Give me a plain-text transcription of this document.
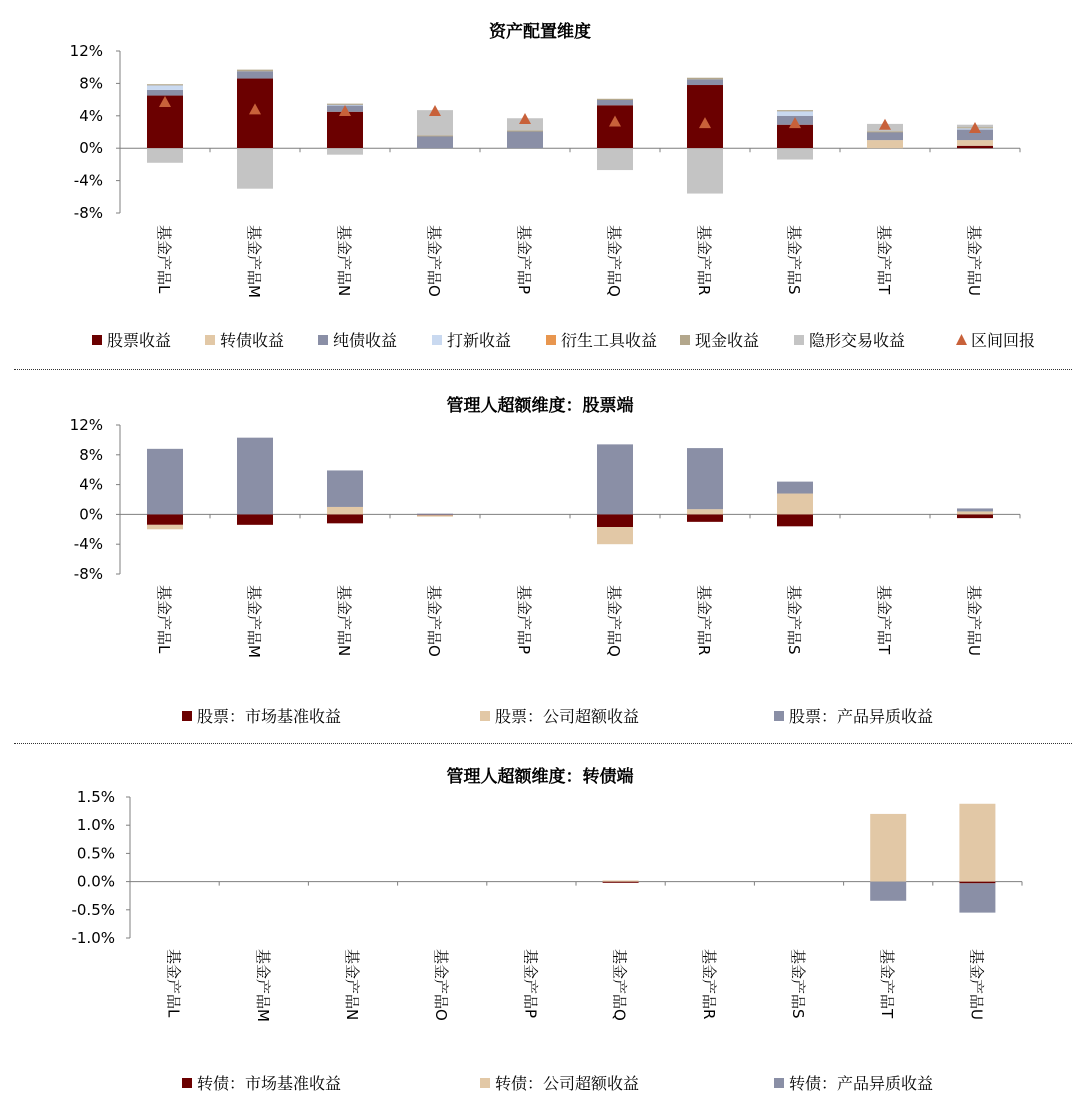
资产配置维度
12%
8%
4%
0%
-4%
-8%
基金产品L	基金产品M	基金产品N	基金产品O	基金产品P	基金产品Q	基金产品R	基金产品S	基金产品T	基金产品U
股票收益	转债收益	纯债收益	打新收益	衍生工具收益 现金收益	隐形交易收益	区间回报
管理人超额维度：股票端
12%
8%
4%
0%
-4%
-8%
基金产品L	基金产品M	基金产品N	基金产品O	基金产品P	基金产品Q	基金产品R	基金产品S	基金产品T	基金产品U
股票：市场基准收益	股票：公司超额收益	股票：产品异质收益
管理人超额维度：转债端
1.5%
1.0%
0.5%
0.0%
-0.5%
-1.0%
基金产品L	基金产品M	基金产品N	基金产品O	基金产品P	基金产品Q	基金产品R	基金产品S	基金产品T	基金产品U
转债：市场基准收益	转债：公司超额收益	转债：产品异质收益
